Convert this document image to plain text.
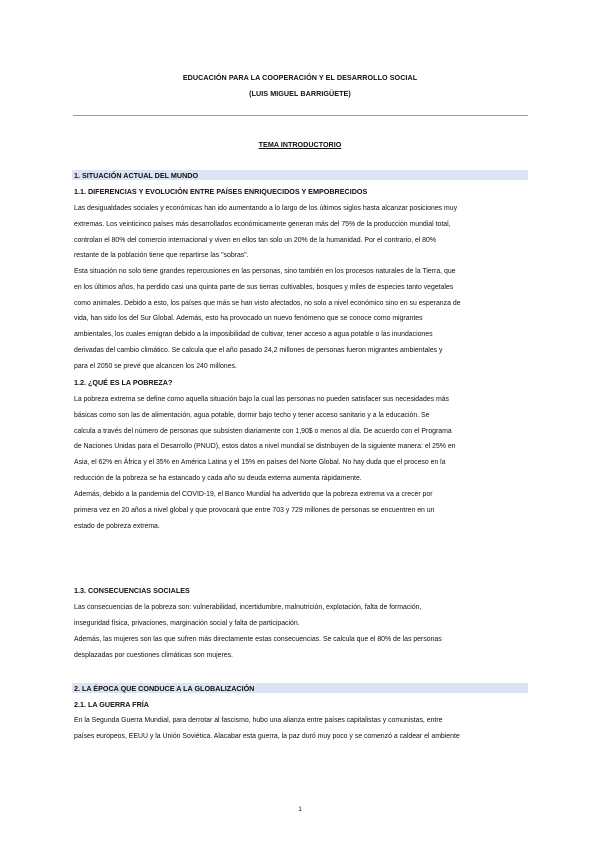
EDUCACIÓN PARA LA COOPERACIÓN Y EL DESARROLLO SOCIAL
(LUIS MIGUEL BARRIGÜETE)
TEMA INTRODUCTORIO
1. SITUACIÓN ACTUAL DEL MUNDO
1.1. DIFERENCIAS Y EVOLUCIÓN ENTRE PAÍSES ENRIQUECIDOS Y EMPOBRECIDOS
Las desigualdades sociales y económicas han ido aumentando a lo largo de los últimos siglos hasta alcanzar posiciones muy
extremas. Los veinticinco países más desarrollados económicamente generan más del 75% de la producción mundial total,
controlan el 80% del comercio internacional y viven en ellos tan solo un 20% de la humanidad. Por el contrario, el 80%
restante de la población tiene que repartirse las "sobras".
Esta situación no solo tiene grandes repercusiones en las personas, sino también en los procesos naturales de la Tierra, que
en los últimos años, ha perdido casi una quinta parte de sus tierras cultivables, bosques y miles de especies tanto vegetales
como animales. Debido a esto, los países que más se han visto afectados, no solo a nivel económico sino en su esperanza de
vida, han sido los del Sur Global. Además, esto ha provocado un nuevo fenómeno que se conoce como migrantes
ambientales, los cuales emigran debido a la imposibilidad de cultivar, tener acceso a agua potable o las inundaciones
derivadas del cambio climático. Se calcula que el año pasado 24,2 millones de personas fueron migrantes ambientales y
para el 2050 se prevé que alcancen los 240 millones.
1.2. ¿QUÉ ES LA POBREZA?
La pobreza extrema se define como aquella situación bajo la cual las personas no pueden satisfacer sus necesidades más
básicas como son las de alimentación, agua potable, dormir bajo techo y tener acceso sanitario y a la educación. Se
calcula a través del número de personas que subsisten diariamente con 1,90$ o menos al día. De acuerdo con el Programa
de Naciones Unidas para el Desarrollo (PNUD), estos datos a nivel mundial se distribuyen de la siguiente manera: el 25% en
Asia, el 62% en África y el 35% en América Latina y el 15% en países del Norte Global. No hay duda que el proceso en la
reducción de la pobreza se ha estancado y cada año su deuda externa aumenta rápidamente.
Además, debido a la pandemia del COVID-19, el Banco Mundial ha advertido que la pobreza extrema va a crecer por
primera vez en 20 años a nivel global y que provocará que entre 703 y 729 millones de personas se encuentren en un
estado de pobreza extrema.
1.3. CONSECUENCIAS SOCIALES
Las consecuencias de la pobreza son: vulnerabilidad, incertidumbre, malnutrición, explotación, falta de formación,
inseguridad física, privaciones, marginación social y falta de participación.
Además, las mujeres son las que sufren más directamente estas consecuencias. Se calcula que el 80% de las personas
desplazadas por cuestiones climáticas son mujeres.
2. LA ÉPOCA QUE CONDUCE A LA GLOBALIZACIÓN
2.1. LA GUERRA FRÍA
En la Segunda Guerra Mundial, para derrotar al fascismo, hubo una alianza entre países capitalistas y comunistas, entre
países europeos, EEUU y la Unión Soviética. Alacabar esta guerra, la paz duró muy poco y se comenzó a caldear el ambiente
1
